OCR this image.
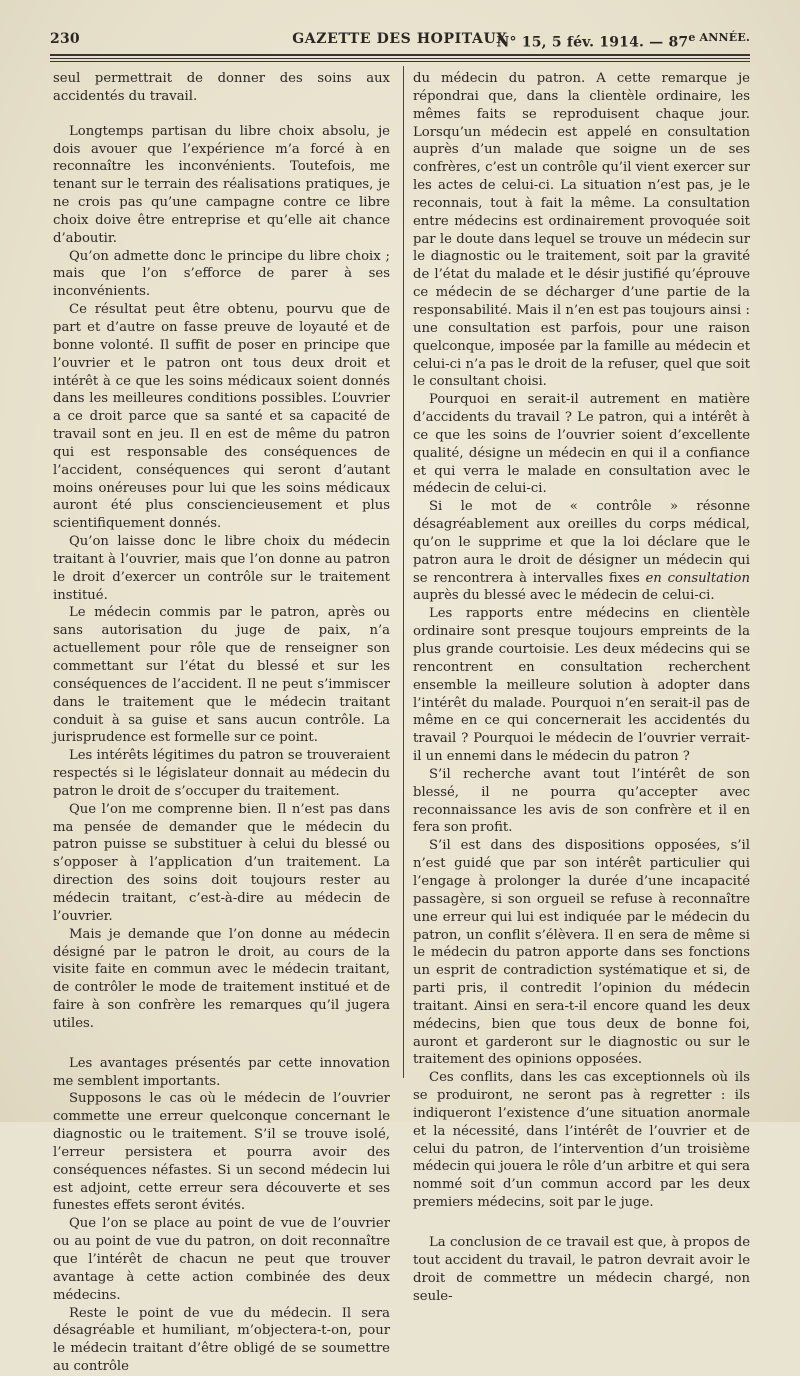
230	GAZETTE DES HOPITAUX
N° 15, 5 fév. 1914. — $87^{e ANNÉE.}$

seul permettrait de donner des soins aux accidentés du travail.

Longtemps partisan du libre choix absolu, je dois avouer que l’expérience m’a forcé à en reconnaître les inconvénients. Toutefois, me tenant sur le terrain des réalisations pratiques, je ne crois pas qu’une campagne contre ce libre choix doive être entreprise et qu’elle ait chance d’aboutir.

Qu’on admette donc le principe du libre choix ; mais que l’on s’efforce de parer à ses inconvénients.

Ce résultat peut être obtenu, pourvu que de part et d’autre on fasse preuve de loyauté et de bonne volonté. Il suffit de poser en principe que l’ouvrier et le patron ont tous deux droit et intérêt à ce que les soins médicaux soient donnés dans les meilleures conditions possibles. L’ouvrier a ce droit parce que sa santé et sa capacité de travail sont en jeu. Il en est de même du patron qui est responsable des conséquences de l’accident, conséquences qui seront d’autant moins onéreuses pour lui que les soins médicaux auront été plus consciencieusement et plus scientifiquement donnés.

Qu’on laisse donc le libre choix du médecin traitant à l’ouvrier, mais que l’on donne au patron le droit d’exercer un contrôle sur le traitement institué.

Le médecin commis par le patron, après ou sans autorisation du juge de paix, n’a actuellement pour rôle que de renseigner son commettant sur l’état du blessé et sur les conséquences de l’accident. Il ne peut s’immiscer dans le traitement que le médecin traitant conduit à sa guise et sans aucun contrôle. La jurisprudence est formelle sur ce point.

Les intérêts légitimes du patron se trouveraient respectés si le législateur donnait au médecin du patron le droit de s’occuper du traitement.

Que l’on me comprenne bien. Il n’est pas dans ma pensée de demander que le médecin du patron puisse se substituer à celui du blessé ou s’opposer à l’application d’un traitement. La direction des soins doit toujours rester au médecin traitant, c’est-à-dire au médecin de l’ouvrier.

Mais je demande que l’on donne au médecin désigné par le patron le droit, au cours de la visite faite en commun avec le médecin traitant, de contrôler le mode de traitement institué et de faire à son confrère les remarques qu’il jugera utiles.

Les avantages présentés par cette innovation me semblent importants.

Supposons le cas où le médecin de l’ouvrier commette une erreur quelconque concernant le diagnostic ou le traitement. S’il se trouve isolé, l’erreur persistera et pourra avoir des conséquences néfastes. Si un second médecin lui est adjoint, cette erreur sera découverte et ses funestes effets seront évités.

Que l’on se place au point de vue de l’ouvrier ou au point de vue du patron, on doit reconnaître que l’intérêt de chacun ne peut que trouver avantage à cette action combinée des deux médecins.

Reste le point de vue du médecin. Il sera désagréable et humiliant, m’objectera-t-on, pour le médecin traitant d’être obligé de se soumettre au contrôle

du médecin du patron. A cette remarque je répondrai que, dans la clientèle ordinaire, les mêmes faits se reproduisent chaque jour. Lorsqu’un médecin est appelé en consultation auprès d’un malade que soigne un de ses confrères, c’est un contrôle qu’il vient exercer sur les actes de celui-ci. La situation n’est pas, je le reconnais, tout à fait la même. La consultation entre médecins est ordinairement provoquée soit par le doute dans lequel se trouve un médecin sur le diagnostic ou le traitement, soit par la gravité de l’état du malade et le désir justifié qu’éprouve ce médecin de se décharger d’une partie de la responsabilité. Mais il n’en est pas toujours ainsi : une consultation est parfois, pour une raison quelconque, imposée par la famille au médecin et celui-ci n’a pas le droit de la refuser, quel que soit le consultant choisi.

Pourquoi en serait-il autrement en matière d’accidents du travail ? Le patron, qui a intérêt à ce que les soins de l’ouvrier soient d’excellente qualité, désigne un médecin en qui il a confiance et qui verra le malade en consultation avec le médecin de celui-ci.

Si le mot de « contrôle » résonne désagréablement aux oreilles du corps médical, qu’on le supprime et que la loi déclare que le patron aura le droit de désigner un médecin qui se rencontrera à intervalles fixes en consultation auprès du blessé avec le médecin de celui-ci.

Les rapports entre médecins en clientèle ordinaire sont presque toujours empreints de la plus grande courtoisie. Les deux médecins qui se rencontrent en consultation recherchent ensemble la meilleure solution à adopter dans l’intérêt du malade. Pourquoi n’en serait-il pas de même en ce qui concernerait les accidentés du travail ? Pourquoi le médecin de l’ouvrier verrait-il un ennemi dans le médecin du patron ?

S’il recherche avant tout l’intérêt de son blessé, il ne pourra qu’accepter avec reconnaissance les avis de son confrère et il en fera son profit.

S’il est dans des dispositions opposées, s’il n’est guidé que par son intérêt particulier qui l’engage à prolonger la durée d’une incapacité passagère, si son orgueil se refuse à reconnaître une erreur qui lui est indiquée par le médecin du patron, un conflit s’élèvera. Il en sera de même si le médecin du patron apporte dans ses fonctions un esprit de contradiction systématique et si, de parti pris, il contredit l’opinion du médecin traitant. Ainsi en sera-t-il encore quand les deux médecins, bien que tous deux de bonne foi, auront et garderont sur le diagnostic ou sur le traitement des opinions opposées.

Ces conflits, dans les cas exceptionnels où ils se produiront, ne seront pas à regretter : ils indiqueront l’existence d’une situation anormale et la nécessité, dans l’intérêt de l’ouvrier et de celui du patron, de l’intervention d’un troisième médecin qui jouera le rôle d’un arbitre et qui sera nommé soit d’un commun accord par les deux premiers médecins, soit par le juge.

La conclusion de ce travail est que, à propos de tout accident du travail, le patron devrait avoir le droit de commettre un médecin chargé, non seule-
